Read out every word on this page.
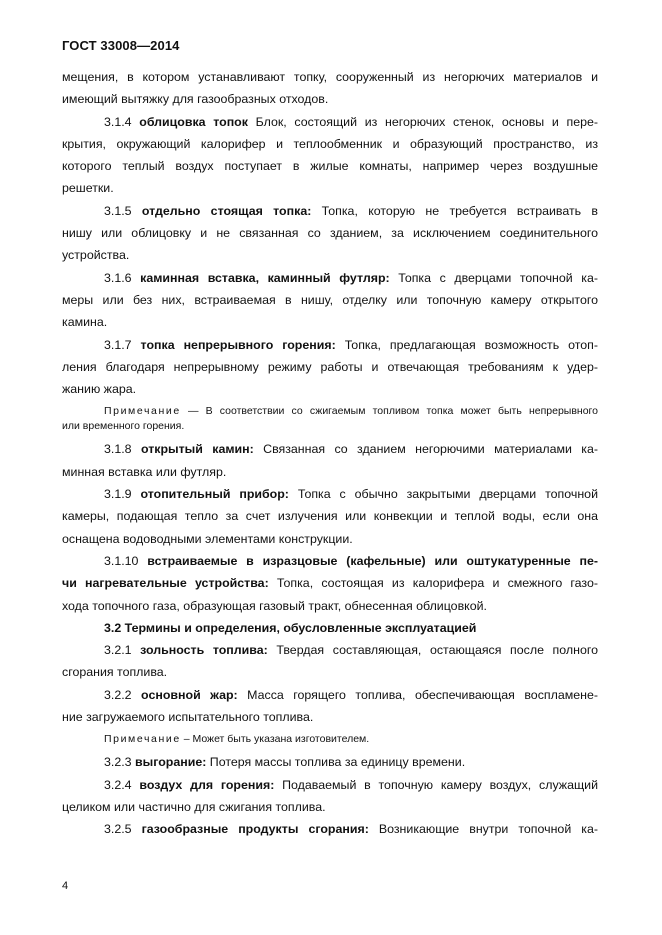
ГОСТ 33008—2014
мещения, в котором устанавливают топку, сооруженный из негорючих материалов и
имеющий вытяжку для газообразных отходов.
3.1.4 облицовка топок Блок, состоящий из негорючих стенок, основы и пере-
крытия, окружающий калорифер и теплообменник и образующий пространство, из
которого теплый воздух поступает в жилые комнаты, например через воздушные
решетки.
3.1.5 отдельно стоящая топка: Топка, которую не требуется встраивать в
нишу или облицовку и не связанная со зданием, за исключением соединительного
устройства.
3.1.6 каминная вставка, каминный футляр: Топка с дверцами топочной ка-
меры или без них, встраиваемая в нишу, отделку или топочную камеру открытого
камина.
3.1.7 топка непрерывного горения: Топка, предлагающая возможность отоп-
ления благодаря непрерывному режиму работы и отвечающая требованиям к удер-
жанию жара.
Примечание — В соответствии со сжигаемым топливом топка может быть непрерывного
или временного горения.
3.1.8 открытый камин: Связанная со зданием негорючими материалами ка-
минная вставка или футляр.
3.1.9 отопительный прибор: Топка с обычно закрытыми дверцами топочной
камеры, подающая тепло за счет излучения или конвекции и теплой воды, если она
оснащена водоводными элементами конструкции.
3.1.10 встраиваемые в изразцовые (кафельные) или оштукатуренные пе-
чи нагревательные устройства: Топка, состоящая из калорифера и смежного газо-
хода топочного газа, образующая газовый тракт, обнесенная облицовкой.
3.2 Термины и определения, обусловленные эксплуатацией
3.2.1 зольность топлива: Твердая составляющая, остающаяся после полного
сгорания топлива.
3.2.2 основной жар: Масса горящего топлива, обеспечивающая воспламене-
ние загружаемого испытательного топлива.
Примечание – Может быть указана изготовителем.
3.2.3 выгорание: Потеря массы топлива за единицу времени.
3.2.4 воздух для горения: Подаваемый в топочную камеру воздух, служащий
целиком или частично для сжигания топлива.
3.2.5 газообразные продукты сгорания: Возникающие внутри топочной ка-
4
